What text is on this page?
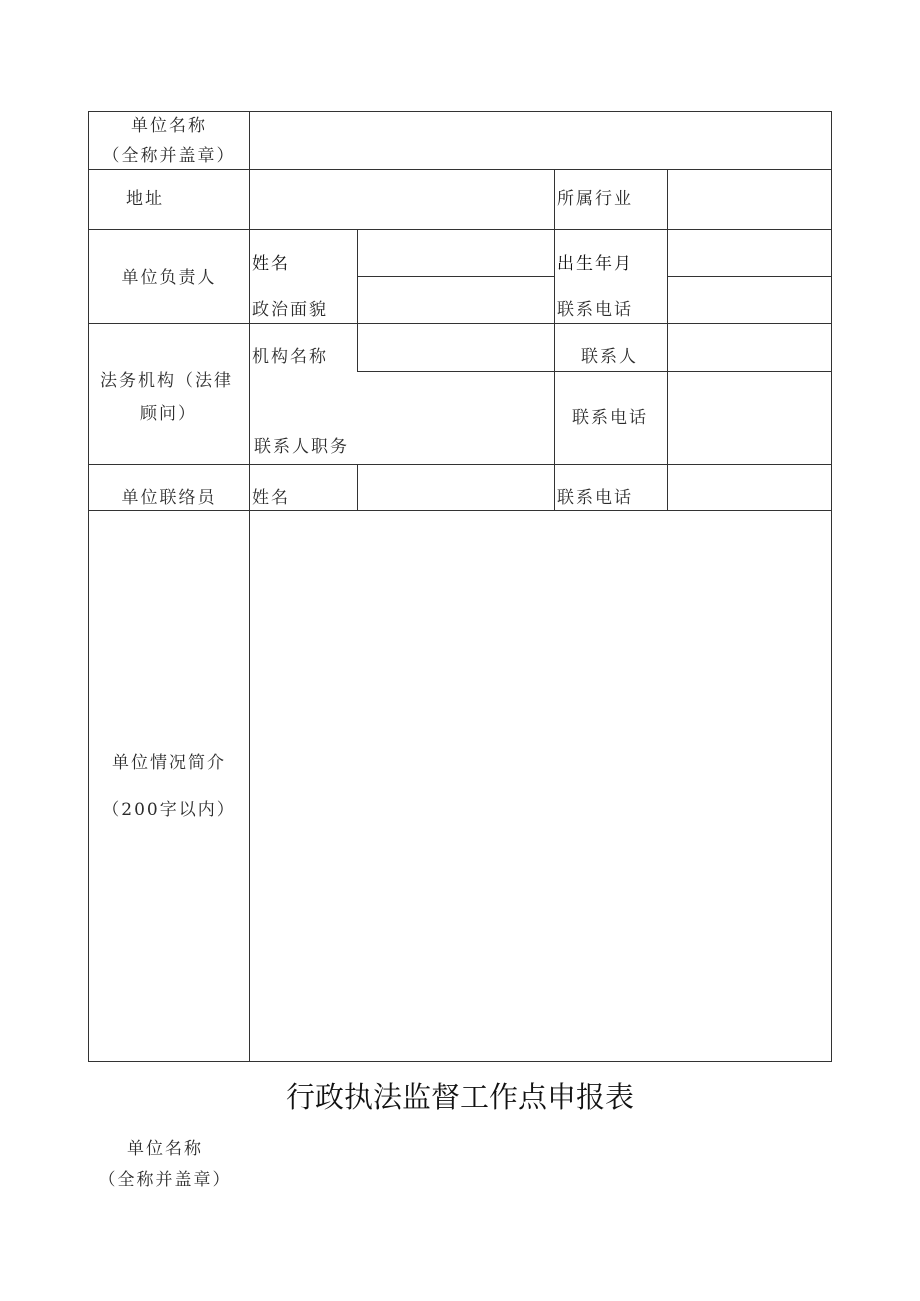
单位名称
（全称并盖章）
地址	所属行业
单位负责人
姓名	出生年月
政治面貌	联系电话
法务机构（法律
顾问）
机构名称	联系人
联系人职务
联系电话
单位联络员	姓名	联系电话
单位情况简介
（200字以内）
行政执法监督工作点申报表
单位名称
（全称并盖章）
